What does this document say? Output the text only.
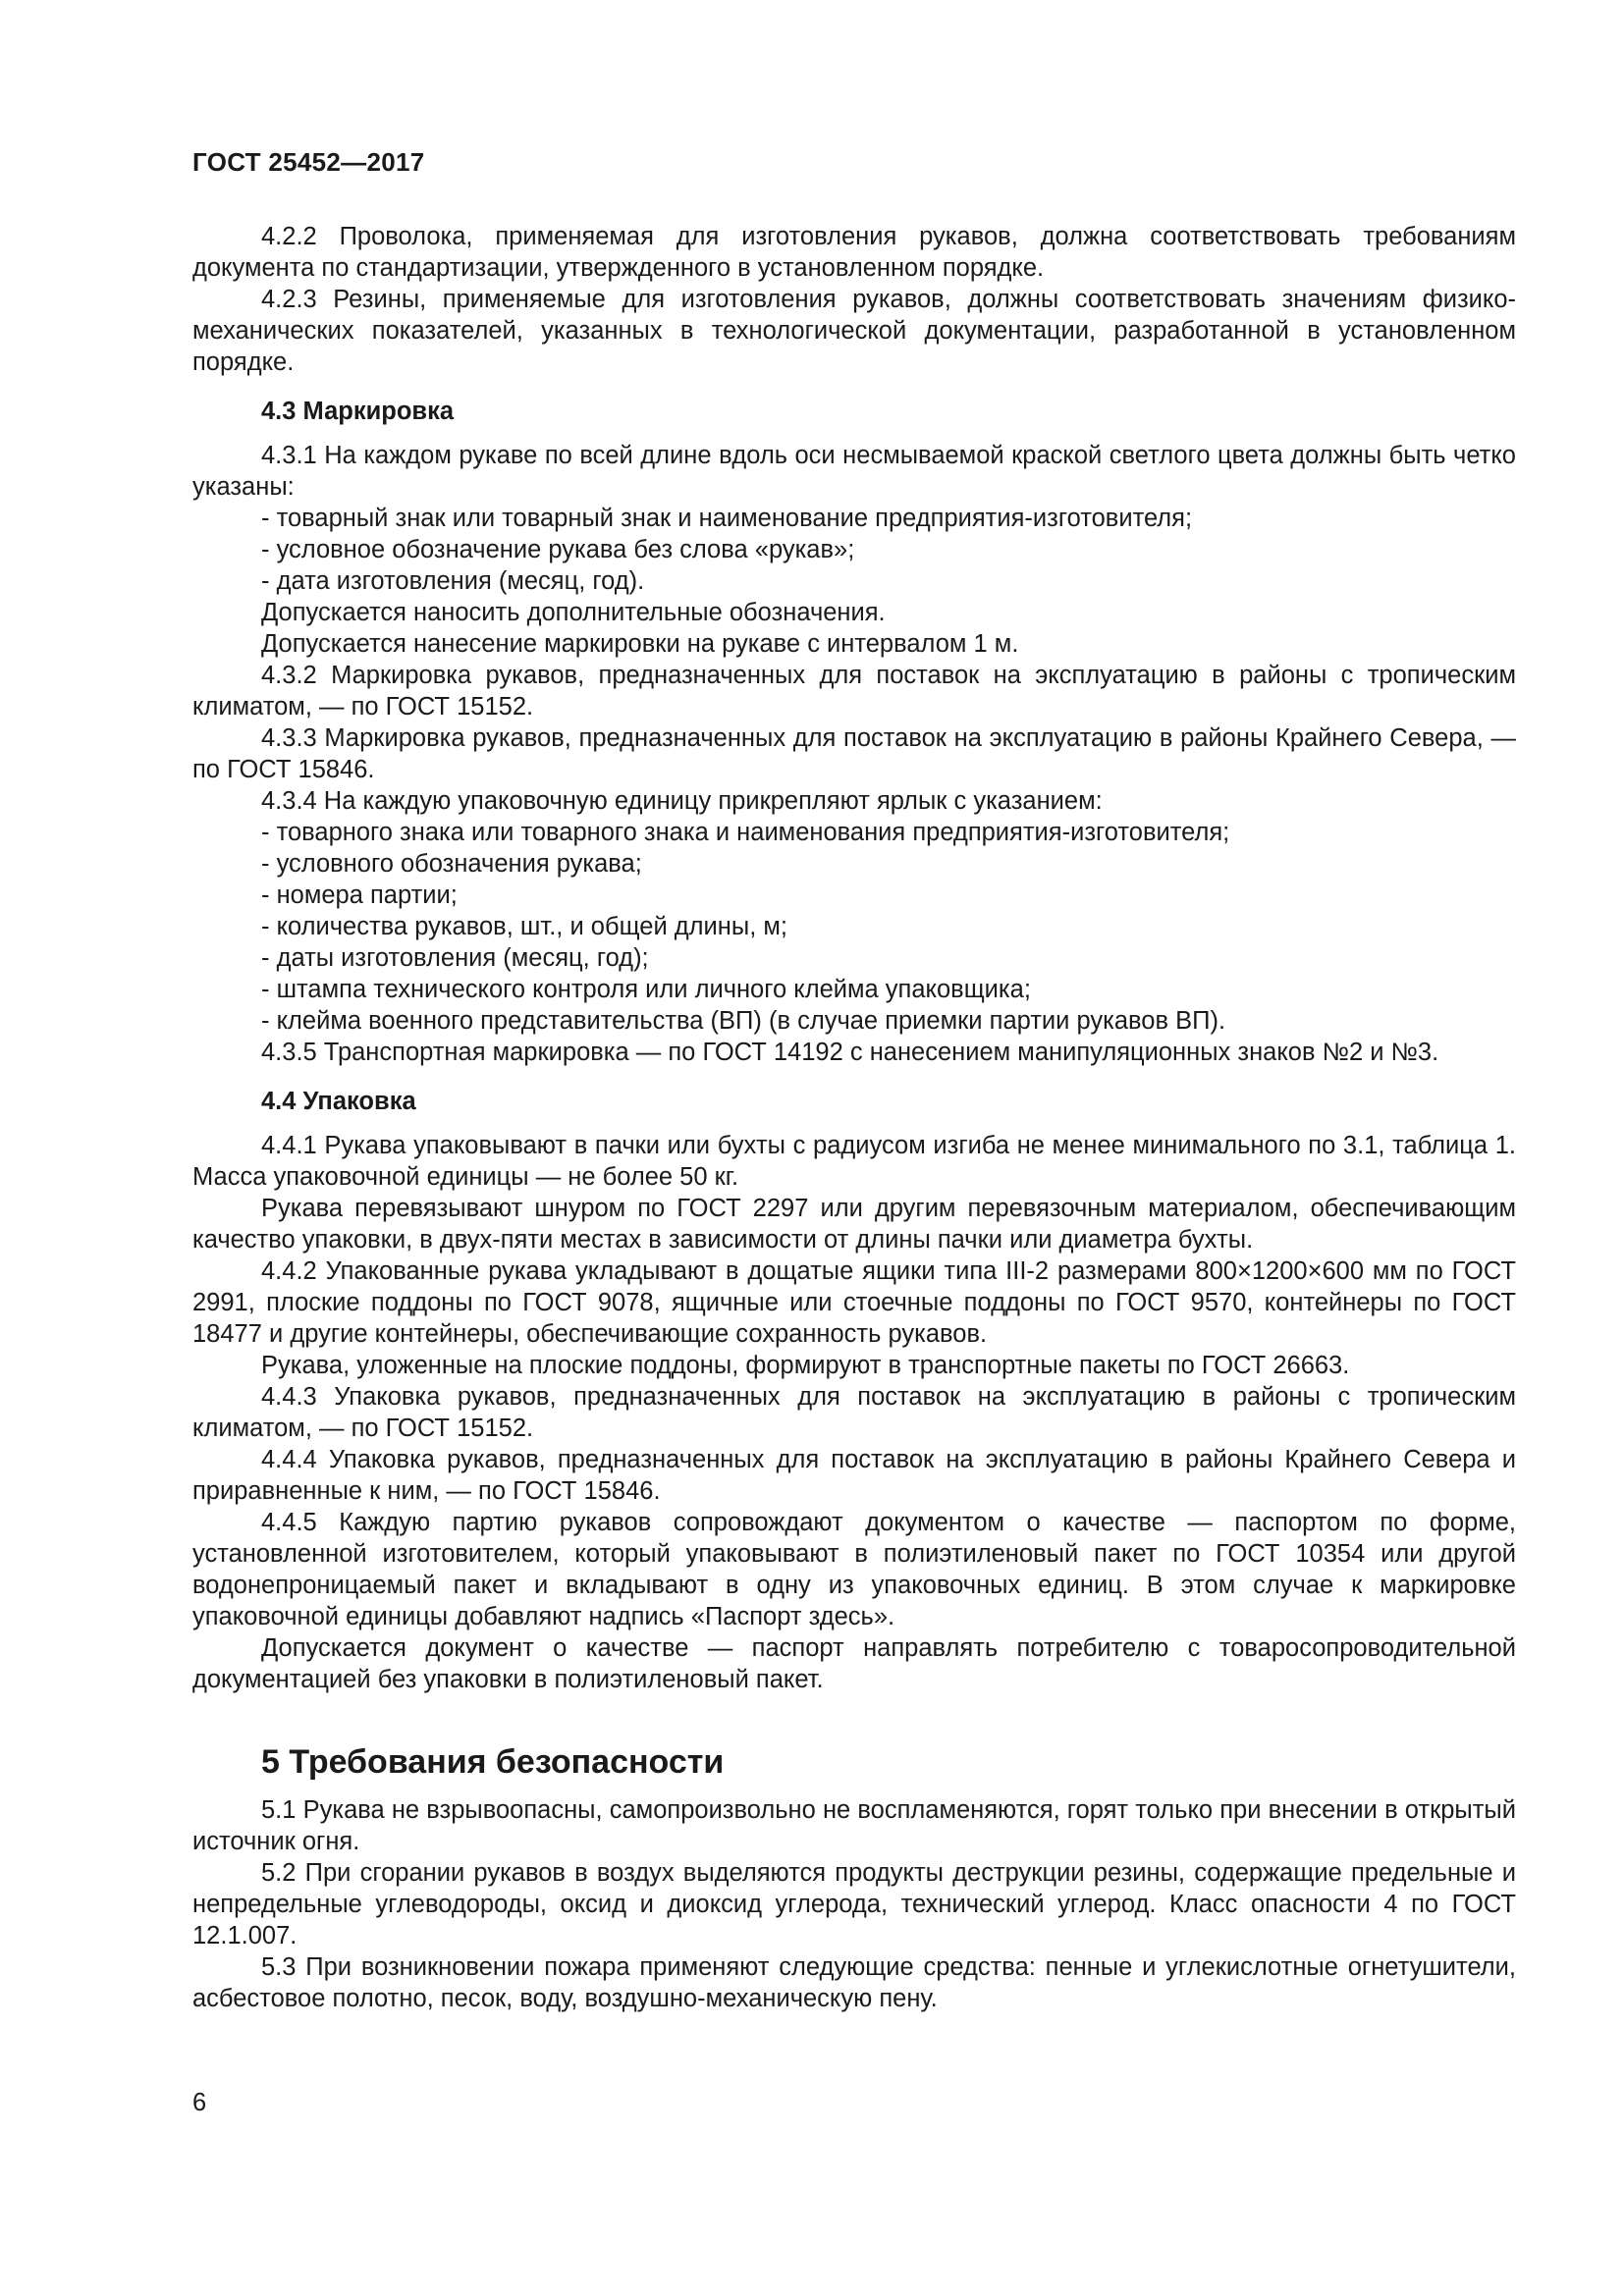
ГОСТ 25452—2017
4.2.2 Проволока, применяемая для изготовления рукавов, должна соответствовать требованиям документа по стандартизации, утвержденного в установленном порядке.
4.2.3 Резины, применяемые для изготовления рукавов, должны соответствовать значениям физико-механических показателей, указанных в технологической документации, разработанной в установленном порядке.
4.3 Маркировка
4.3.1 На каждом рукаве по всей длине вдоль оси несмываемой краской светлого цвета должны быть четко указаны:
- товарный знак или товарный знак и наименование предприятия-изготовителя;
- условное обозначение рукава без слова «рукав»;
- дата изготовления (месяц, год).
Допускается наносить дополнительные обозначения.
Допускается нанесение маркировки на рукаве с интервалом 1 м.
4.3.2 Маркировка рукавов, предназначенных для поставок на эксплуатацию в районы с тропическим климатом, — по ГОСТ 15152.
4.3.3 Маркировка рукавов, предназначенных для поставок на эксплуатацию в районы Крайнего Севера, — по ГОСТ 15846.
4.3.4 На каждую упаковочную единицу прикрепляют ярлык с указанием:
- товарного знака или товарного знака и наименования предприятия-изготовителя;
- условного обозначения рукава;
- номера партии;
- количества рукавов, шт., и общей длины, м;
- даты изготовления (месяц, год);
- штампа технического контроля или личного клейма упаковщика;
- клейма военного представительства (ВП) (в случае приемки партии рукавов ВП).
4.3.5 Транспортная маркировка — по ГОСТ 14192 с нанесением манипуляционных знаков №2 и №3.
4.4 Упаковка
4.4.1 Рукава упаковывают в пачки или бухты с радиусом изгиба не менее минимального по 3.1, таблица 1. Масса упаковочной единицы — не более 50 кг.
Рукава перевязывают шнуром по ГОСТ 2297 или другим перевязочным материалом, обеспечивающим качество упаковки, в двух-пяти местах в зависимости от длины пачки или диаметра бухты.
4.4.2 Упакованные рукава укладывают в дощатые ящики типа III-2 размерами 800×1200×600 мм по ГОСТ 2991, плоские поддоны по ГОСТ 9078, ящичные или стоечные поддоны по ГОСТ 9570, контейнеры по ГОСТ 18477 и другие контейнеры, обеспечивающие сохранность рукавов.
Рукава, уложенные на плоские поддоны, формируют в транспортные пакеты по ГОСТ 26663.
4.4.3 Упаковка рукавов, предназначенных для поставок на эксплуатацию в районы с тропическим климатом, — по ГОСТ 15152.
4.4.4 Упаковка рукавов, предназначенных для поставок на эксплуатацию в районы Крайнего Севера и приравненные к ним, — по ГОСТ 15846.
4.4.5 Каждую партию рукавов сопровождают документом о качестве — паспортом по форме, установленной изготовителем, который упаковывают в полиэтиленовый пакет по ГОСТ 10354 или другой водонепроницаемый пакет и вкладывают в одну из упаковочных единиц. В этом случае к маркировке упаковочной единицы добавляют надпись «Паспорт здесь».
Допускается документ о качестве — паспорт направлять потребителю с товаросопроводительной документацией без упаковки в полиэтиленовый пакет.
5 Требования безопасности
5.1 Рукава не взрывоопасны, самопроизвольно не воспламеняются, горят только при внесении в открытый источник огня.
5.2 При сгорании рукавов в воздух выделяются продукты деструкции резины, содержащие предельные и непредельные углеводороды, оксид и диоксид углерода, технический углерод. Класс опасности 4 по ГОСТ 12.1.007.
5.3 При возникновении пожара применяют следующие средства: пенные и углекислотные огнетушители, асбестовое полотно, песок, воду, воздушно-механическую пену.
6
